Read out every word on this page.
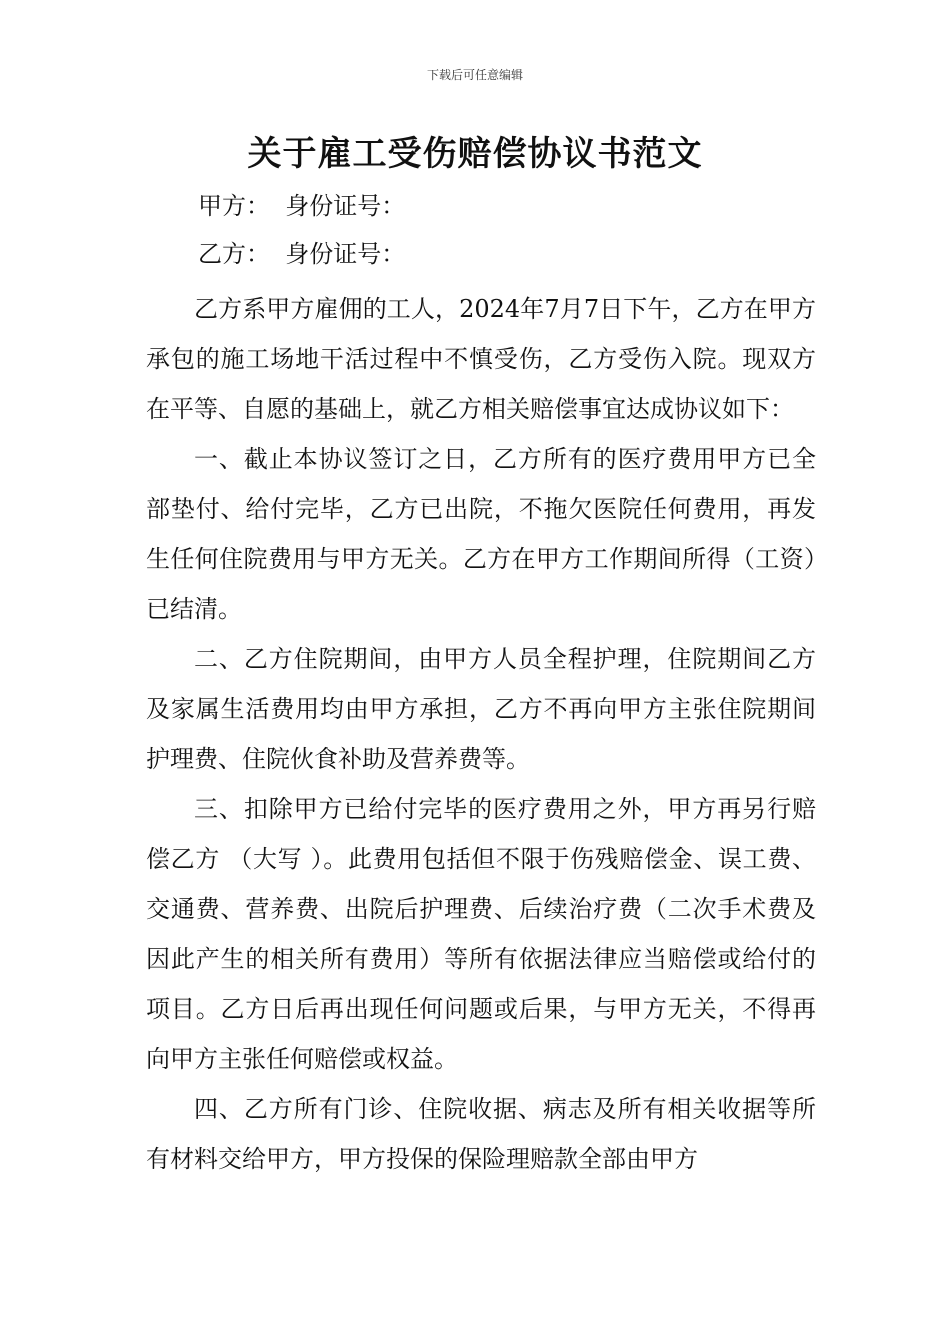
下载后可任意编辑
关于雇工受伤赔偿协议书范文
甲方：  身份证号：
乙方：  身份证号：

乙方系甲方雇佣的工人，2024年7月7日下午，乙方在甲方承包的施工场地干活过程中不慎受伤，乙方受伤入院。现双方在平等、自愿的基础上，就乙方相关赔偿事宜达成协议如下：

一、截止本协议签订之日，乙方所有的医疗费用甲方已全部垫付、给付完毕，乙方已出院，不拖欠医院任何费用，再发生任何住院费用与甲方无关。乙方在甲方工作期间所得（工资）已结清。

二、乙方住院期间，由甲方人员全程护理，住院期间乙方及家属生活费用均由甲方承担，乙方不再向甲方主张住院期间护理费、住院伙食补助及营养费等。

三、扣除甲方已给付完毕的医疗费用之外，甲方再另行赔偿乙方 （大写 ）。此费用包括但不限于伤残赔偿金、误工费、交通费、营养费、出院后护理费、后续治疗费（二次手术费及因此产生的相关所有费用）等所有依据法律应当赔偿或给付的项目。乙方日后再出现任何问题或后果，与甲方无关，不得再向甲方主张任何赔偿或权益。

四、乙方所有门诊、住院收据、病志及所有相关收据等所有材料交给甲方，甲方投保的保险理赔款全部由甲方
